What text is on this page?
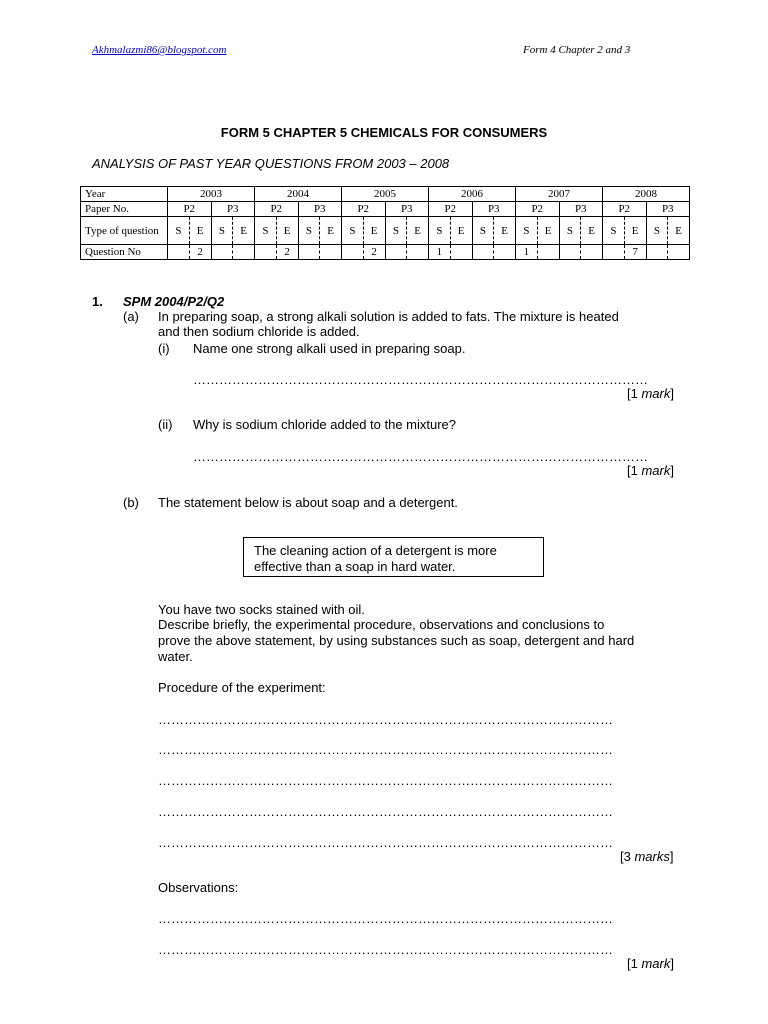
Akhmalazmi86@blogspot.com	Form 4 Chapter 2 and 3
FORM 5 CHAPTER 5 CHEMICALS FOR CONSUMERS
ANALYSIS OF PAST YEAR QUESTIONS FROM 2003 – 2008
Year	2003				2004				2005				2006				2007				2008			
Paper No.	P2		P3		P2		P3		P2		P3		P2		P3		P2		P3		P2		P3	
Type of question	S	E	S	E	S	E	S	E	S	E	S	E	S	E	S	E	S	E	S	E	S	E	S	E
Question No		2				2				2			1				1					7		
1. SPM 2004/P2/Q2
(a) In preparing soap, a strong alkali solution is added to fats. The mixture is heated
and then sodium chloride is added.
(i) Name one strong alkali used in preparing soap.
……………………………………………………………………………………………
[1 mark]
(ii) Why is sodium chloride added to the mixture?
……………………………………………………………………………………………
[1 mark]
(b) The statement below is about soap and a detergent.
The cleaning action of a detergent is more
effective than a soap in hard water.
You have two socks stained with oil.
Describe briefly, the experimental procedure, observations and conclusions to
prove the above statement, by using substances such as soap, detergent and hard
water.
Procedure of the experiment:
……………………………………………………………………………………………
……………………………………………………………………………………………
……………………………………………………………………………………………
……………………………………………………………………………………………
……………………………………………………………………………………………
[3 marks]
Observations:
……………………………………………………………………………………………
……………………………………………………………………………………………
[1 mark]
